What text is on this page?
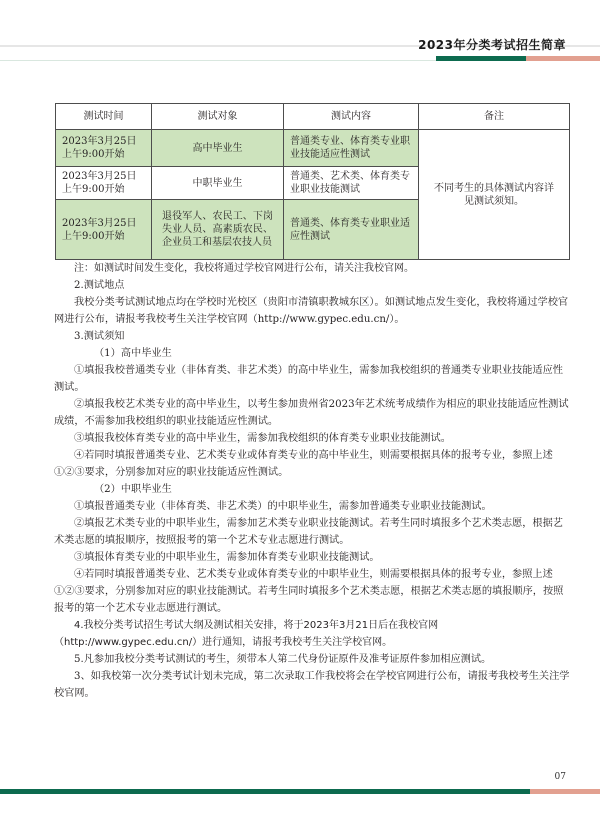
2023年分类考试招生简章
测试时间	测试对象	测试内容	备注
2023年3月25日
上午9:00开始	高中毕业生	普通类专业、体育类专业职业技能适应性测试	不同考生的具体测试内容详见测试须知。
2023年3月25日
上午9:00开始	中职毕业生	普通类、艺术类、体育类专业职业技能测试	
2023年3月25日
上午9:00开始	退役军人、农民工、下岗失业人员、高素质农民、企业员工和基层农技人员	普通类、体育类专业职业适应性测试	

注：如测试时间发生变化，我校将通过学校官网进行公布，请关注我校官网。

2.测试地点

我校分类考试测试地点均在学校时光校区（贵阳市清镇职教城东区）。如测试地点发生变化，我校将通过学校官网进行公布，请报考我校考生关注学校官网（http://www.gypec.edu.cn/）。

3.测试须知

（1）高中毕业生

①填报我校普通类专业（非体育类、非艺术类）的高中毕业生，需参加我校组织的普通类专业职业技能适应性测试。

②填报我校艺术类专业的高中毕业生，以考生参加贵州省2023年艺术统考成绩作为相应的职业技能适应性测试成绩，不需参加我校组织的职业技能适应性测试。

③填报我校体育类专业的高中毕业生，需参加我校组织的体育类专业职业技能测试。

④若同时填报普通类专业、艺术类专业或体育类专业的高中毕业生，则需要根据具体的报考专业，参照上述①②③要求，分别参加对应的职业技能适应性测试。

（2）中职毕业生

①填报普通类专业（非体育类、非艺术类）的中职毕业生，需参加普通类专业职业技能测试。

②填报艺术类专业的中职毕业生，需参加艺术类专业职业技能测试。若考生同时填报多个艺术类志愿，根据艺术类志愿的填报顺序，按照报考的第一个艺术专业志愿进行测试。

③填报体育类专业的中职毕业生，需参加体育类专业职业技能测试。

④若同时填报普通类专业、艺术类专业或体育类专业的中职毕业生，则需要根据具体的报考专业，参照上述①②③要求，分别参加对应的职业技能测试。若考生同时填报多个艺术类志愿，根据艺术类志愿的填报顺序，按照报考的第一个艺术专业志愿进行测试。

4.我校分类考试招生考试大纲及测试相关安排，将于2023年3月21日后在我校官网（http://www.gypec.edu.cn/）进行通知，请报考我校考生关注学校官网。

5.凡参加我校分类考试测试的考生，须带本人第二代身份证原件及准考证原件参加相应测试。

3、如我校第一次分类考试计划未完成，第二次录取工作我校将会在学校官网进行公布，请报考我校考生关注学校官网。

07
